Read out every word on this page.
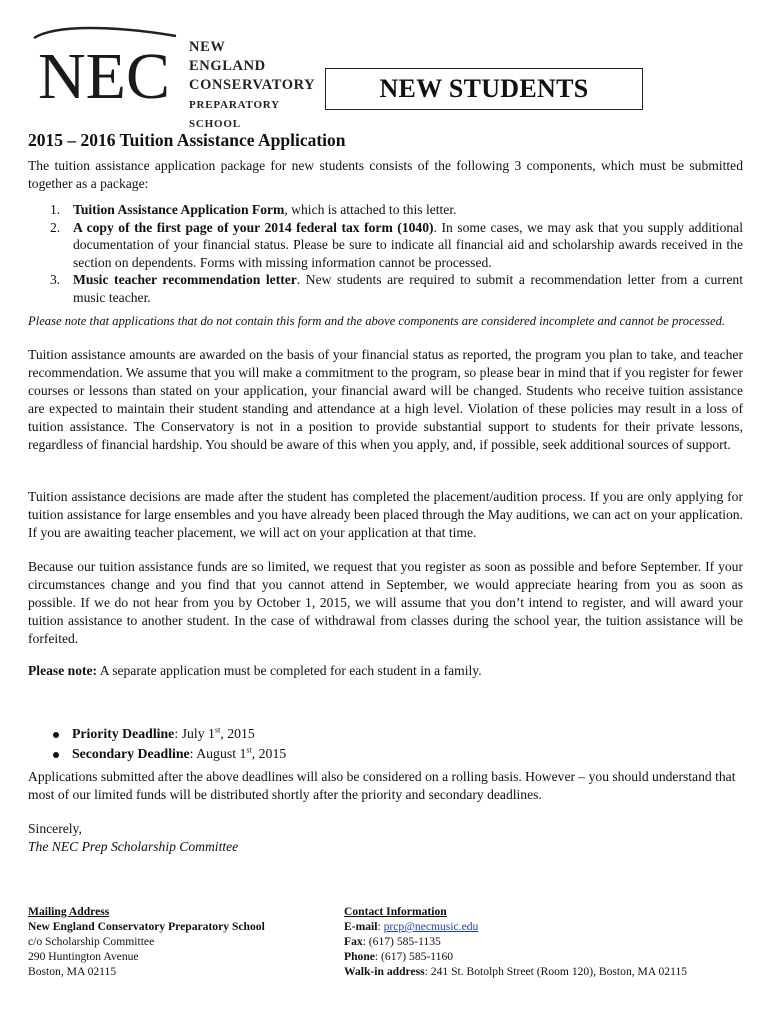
NEC NEW
ENGLAND
CONSERVATORY
PREPARATORY SCHOOL
NEW STUDENTS
2015 – 2016 Tuition Assistance Application
The tuition assistance application package for new students consists of the following 3 components, which must be submitted together as a package:
1. Tuition Assistance Application Form, which is attached to this letter.
2. A copy of the first page of your 2014 federal tax form (1040). In some cases, we may ask that you supply additional documentation of your financial status. Please be sure to indicate all financial aid and scholarship awards received in the section on dependents. Forms with missing information cannot be processed.
3. Music teacher recommendation letter. New students are required to submit a recommendation letter from a current music teacher.
Please note that applications that do not contain this form and the above components are considered incomplete and cannot be processed.
Tuition assistance amounts are awarded on the basis of your financial status as reported, the program you plan to take, and teacher recommendation. We assume that you will make a commitment to the program, so please bear in mind that if you register for fewer courses or lessons than stated on your application, your financial award will be changed. Students who receive tuition assistance are expected to maintain their student standing and attendance at a high level. Violation of these policies may result in a loss of tuition assistance. The Conservatory is not in a position to provide substantial support to students for their private lessons, regardless of financial hardship. You should be aware of this when you apply, and, if possible, seek additional sources of support.
Tuition assistance decisions are made after the student has completed the placement/audition process. If you are only applying for tuition assistance for large ensembles and you have already been placed through the May auditions, we can act on your application. If you are awaiting teacher placement, we will act on your application at that time.
Because our tuition assistance funds are so limited, we request that you register as soon as possible and before September. If your circumstances change and you find that you cannot attend in September, we would appreciate hearing from you as soon as possible. If we do not hear from you by October 1, 2015, we will assume that you don’t intend to register, and will award your tuition assistance to another student. In the case of withdrawal from classes during the school year, the tuition assistance will be forfeited.
Please note: A separate application must be completed for each student in a family.
Priority Deadline: July 1st, 2015
Secondary Deadline: August 1st, 2015
Applications submitted after the above deadlines will also be considered on a rolling basis. However – you should understand that most of our limited funds will be distributed shortly after the priority and secondary deadlines.
Sincerely,
The NEC Prep Scholarship Committee
Mailing Address
New England Conservatory Preparatory School
c/o Scholarship Committee
290 Huntington Avenue
Boston, MA 02115
Contact Information
E-mail: prcp@necmusic.edu
Fax: (617) 585-1135
Phone: (617) 585-1160
Walk-in address: 241 St. Botolph Street (Room 120), Boston, MA 02115
